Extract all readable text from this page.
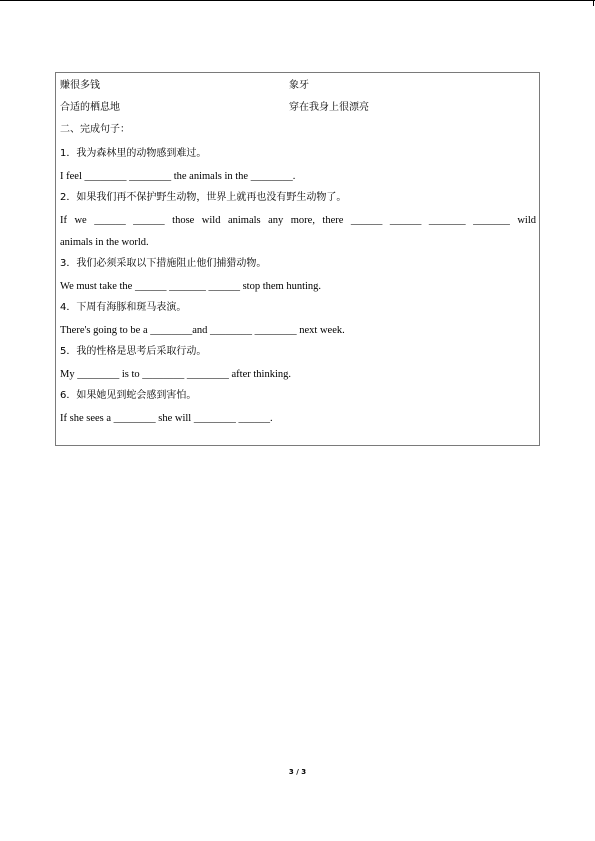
赚很多钱	象牙
合适的栖息地	穿在我身上很漂亮
二、完成句子：
1．我为森林里的动物感到难过。
I feel ________ ________ the animals in the ________.
2．如果我们再不保护野生动物，世界上就再也没有野生动物了。
If we ______ ______ those wild animals any more, there ______ ______ _______ _______ wild
animals in the world.
3．我们必须采取以下措施阻止他们捕猎动物。
We must take the ______ _______ ______ stop them hunting.
4．下周有海豚和斑马表演。
There's going to be a ________and ________ ________ next week.
5．我的性格是思考后采取行动。
My ________ is to ________ ________ after thinking.
6．如果她见到蛇会感到害怕。
If she sees a ________ she will ________ ______.
3 / 3
